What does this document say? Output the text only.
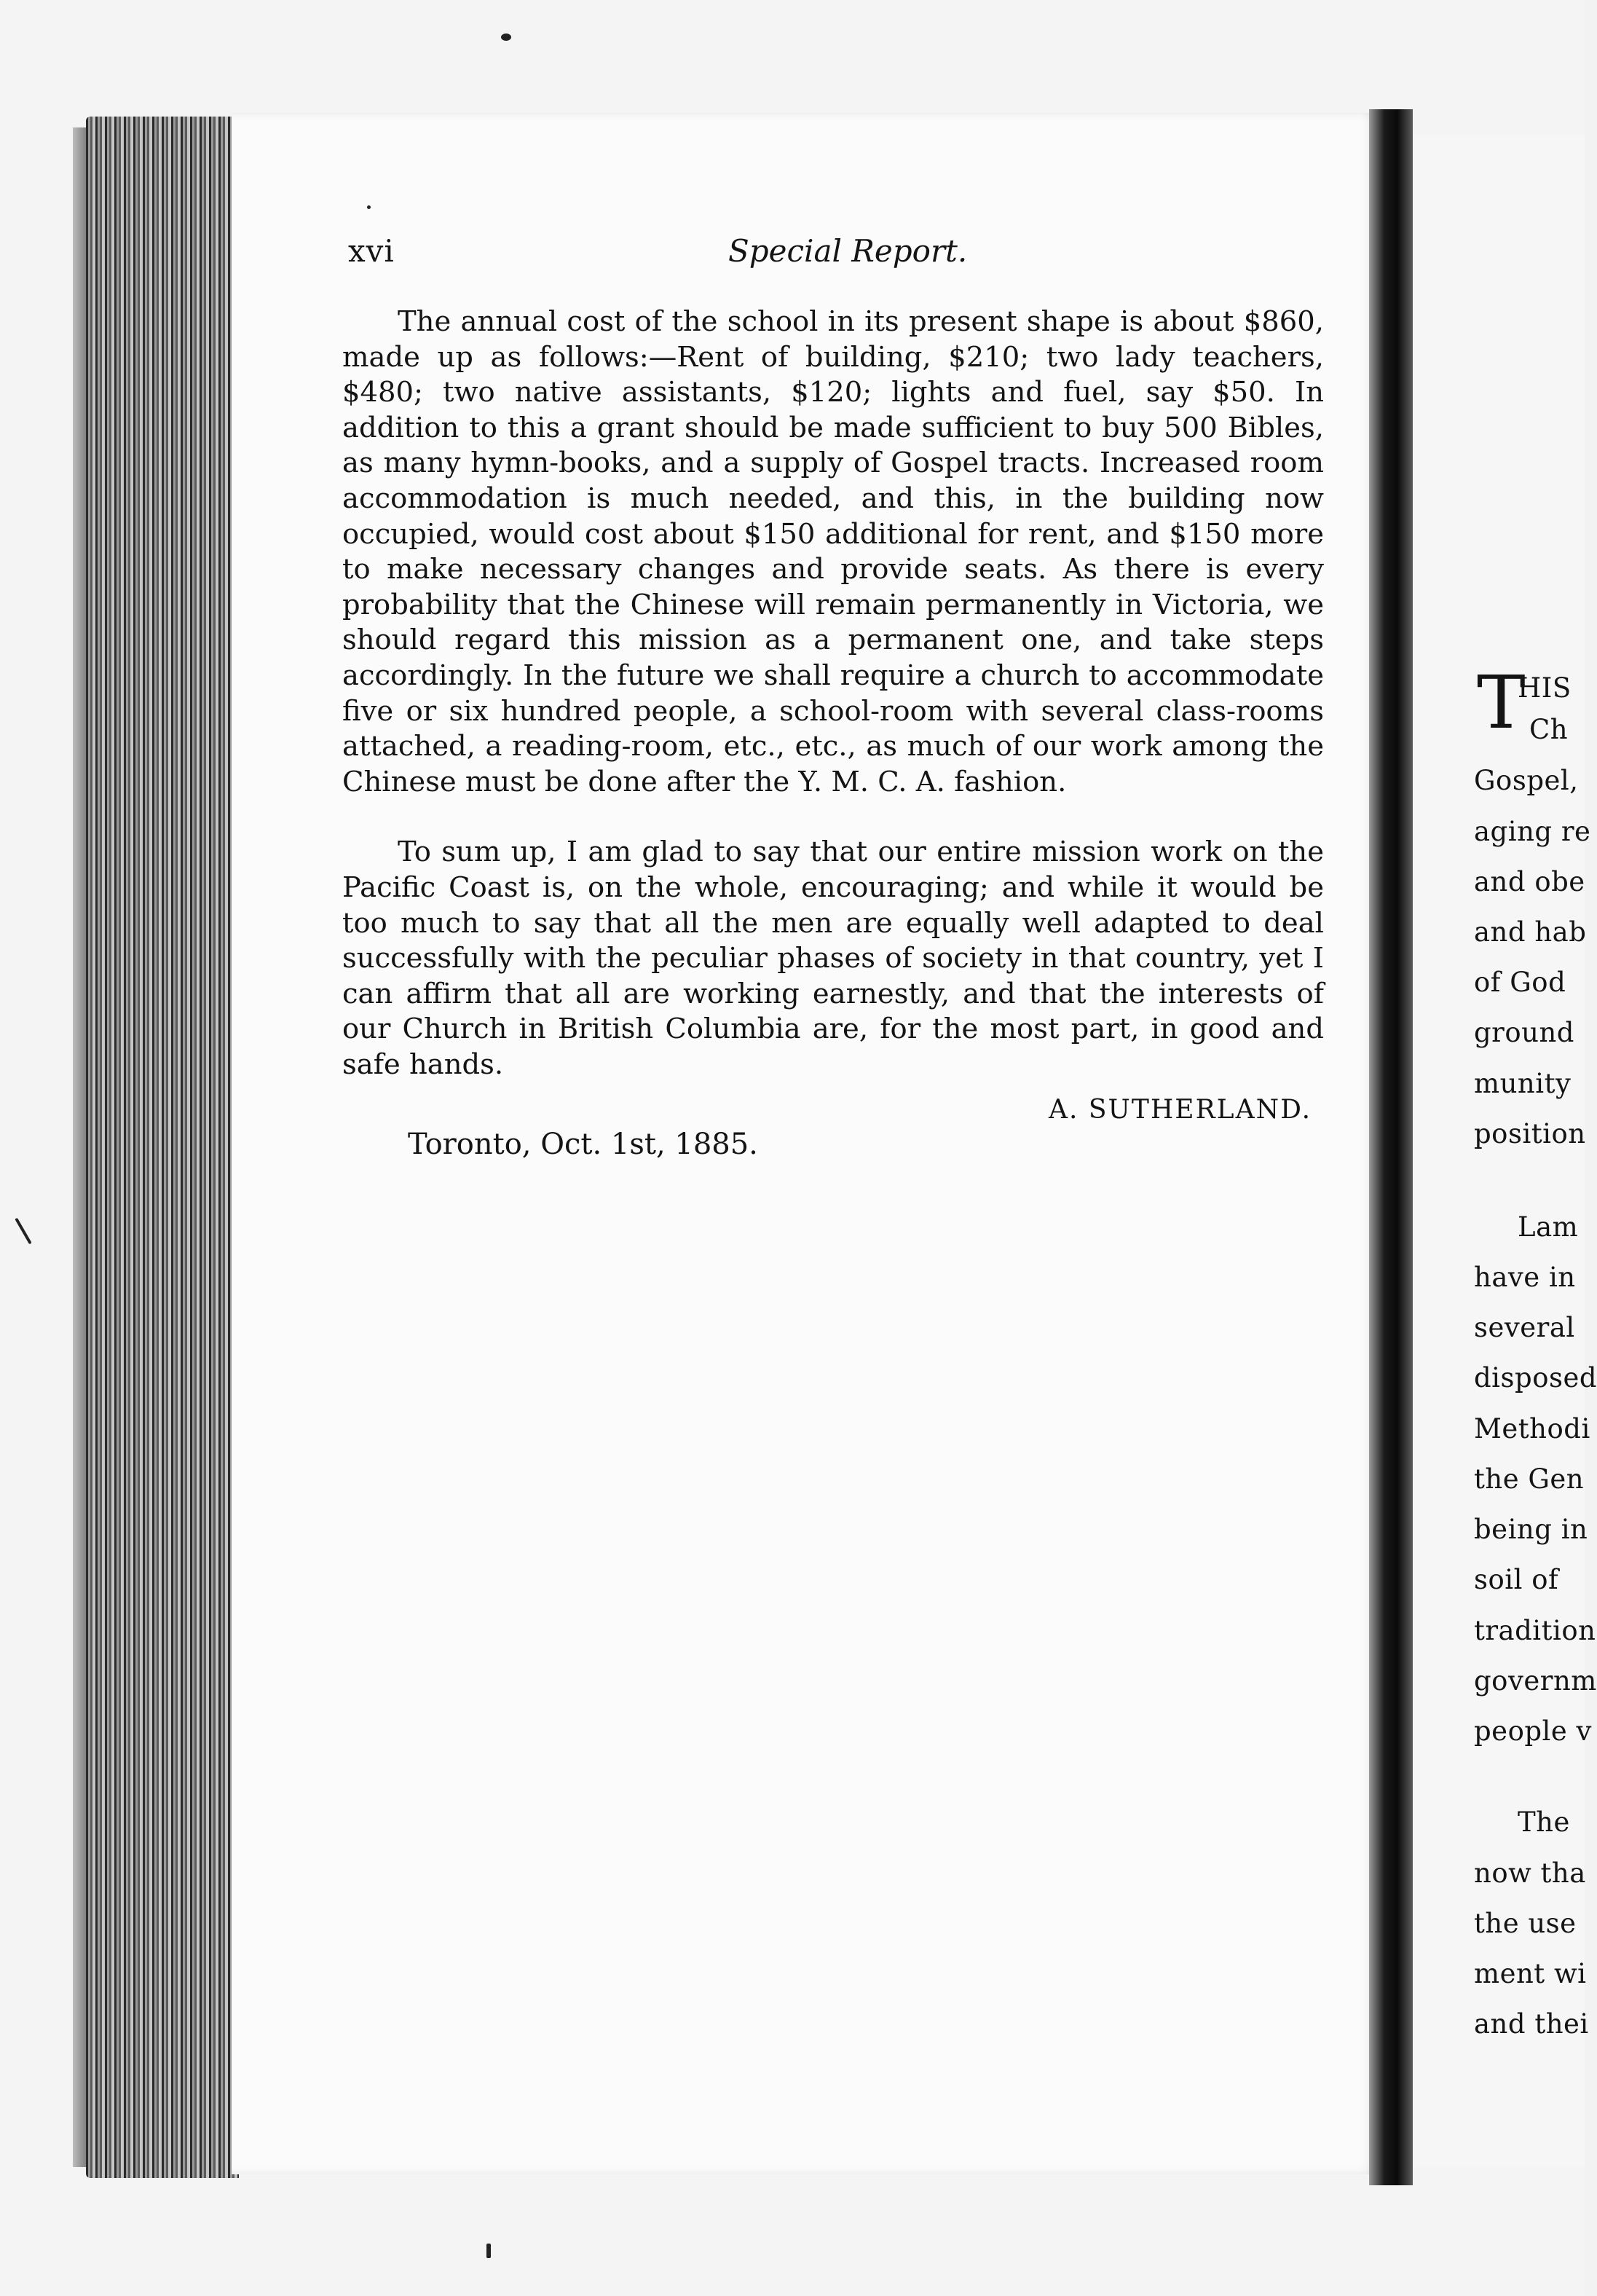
xvi	Special Report.

The annual cost of the school in its present shape is about $860, made up as follows:—Rent of building, $210; two lady teachers, $480; two native assistants, $120; lights and fuel, say $50. In addition to this a grant should be made sufficient to buy 500 Bibles, as many hymn-books, and a supply of Gospel tracts. Increased room accommodation is much needed, and this, in the building now occupied, would cost about $150 additional for rent, and $150 more to make necessary changes and provide seats. As there is every probability that the Chinese will remain permanently in Victoria, we should regard this mission as a permanent one, and take steps accordingly. In the future we shall require a church to accommodate five or six hundred people, a school-room with several class-rooms attached, a reading-room, etc., etc., as much of our work among the Chinese must be done after the Y. M. C. A. fashion.

To sum up, I am glad to say that our entire mission work on the Pacific Coast is, on the whole, encouraging; and while it would be too much to say that all the men are equally well adapted to deal successfully with the peculiar phases of society in that country, yet I can affirm that all are working earnestly, and that the interests of our Church in British Columbia are, for the most part, in good and safe hands.

A. SUTHERLAND.
Toronto, Oct. 1st, 1885.
T
HIS
Ch
Gospel,
aging re
and obe
and hab
of God
ground
munity
position
Lam
have in
several
disposed
Methodi
the Gen
being in
soil of
tradition
governm
people v
The
now tha
the use
ment wi
and thei
